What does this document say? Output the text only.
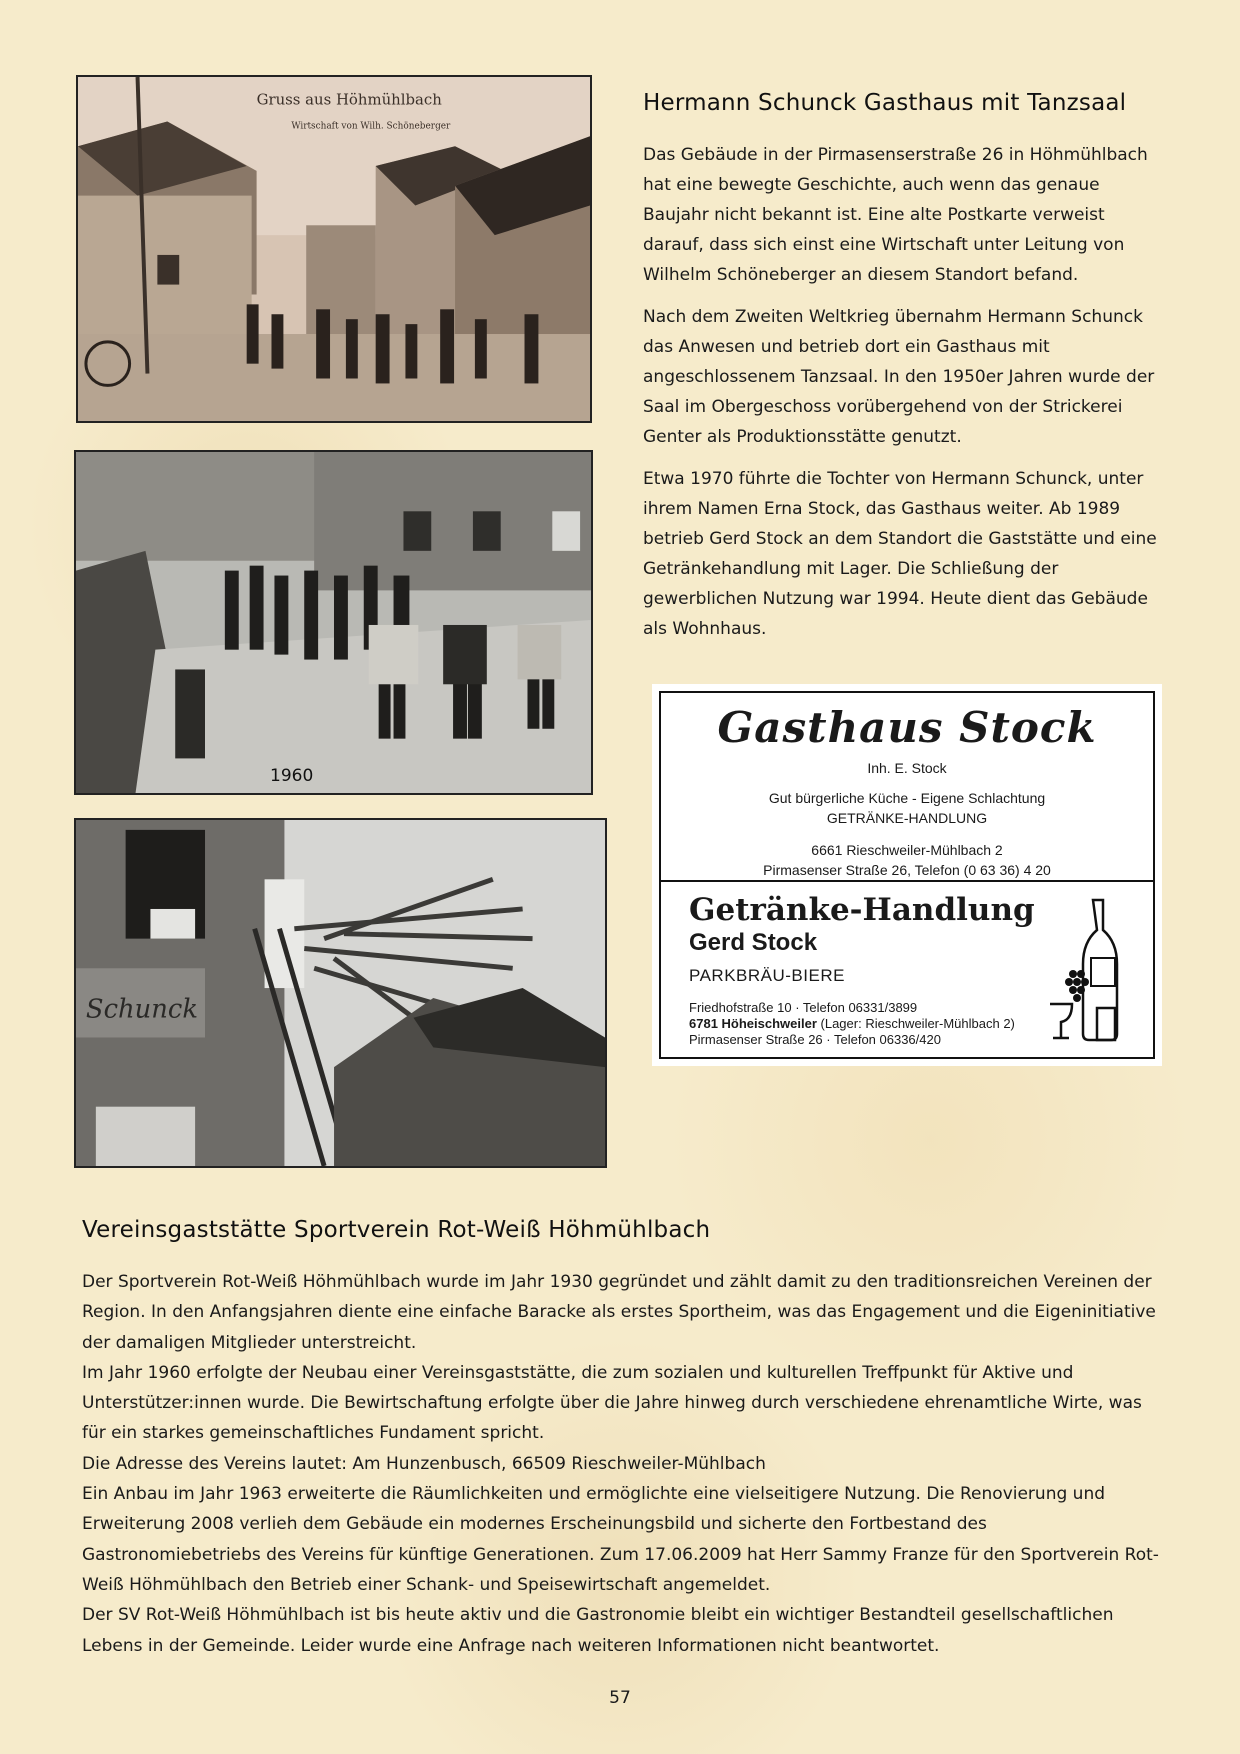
Gruss aus Höhmühlbach
Wirtschaft von Wilh. Schöneberger
1960
Schunck
Hermann Schunck Gasthaus mit Tanzsaal

Das Gebäude in der Pirmasenserstraße 26 in Höhmühlbach hat eine bewegte Geschichte, auch wenn das genaue Baujahr nicht bekannt ist. Eine alte Postkarte verweist darauf, dass sich einst eine Wirtschaft unter Leitung von Wilhelm Schöneberger an diesem Standort befand.

Nach dem Zweiten Weltkrieg übernahm Hermann Schunck das Anwesen und betrieb dort ein Gasthaus mit angeschlossenem Tanzsaal. In den 1950er Jahren wurde der Saal im Obergeschoss vorübergehend von der Strickerei Genter als Produktionsstätte genutzt.

Etwa 1970 führte die Tochter von Hermann Schunck, unter ihrem Namen Erna Stock, das Gasthaus weiter. Ab 1989 betrieb Gerd Stock an dem Standort die Gaststätte und eine Getränkehandlung mit Lager. Die Schließung der gewerblichen Nutzung war 1994. Heute dient das Gebäude als Wohnhaus.

Gasthaus Stock
Inh. E. Stock
Gut bürgerliche Küche - Eigene Schlachtung
GETRÄNKE-HANDLUNG
6661 Rieschweiler-Mühlbach 2
Pirmasenser Straße 26, Telefon (0 63 36) 4 20
Getränke-Handlung
Gerd Stock
PARKBRÄU-BIERE
Friedhofstraße 10 · Telefon 06331/3899
6781 Höheischweiler (Lager: Rieschweiler-Mühlbach 2)
Pirmasenser Straße 26 · Telefon 06336/420
Vereinsgaststätte Sportverein Rot-Weiß Höhmühlbach

Der Sportverein Rot-Weiß Höhmühlbach wurde im Jahr 1930 gegründet und zählt damit zu den traditionsreichen Vereinen der Region. In den Anfangsjahren diente eine einfache Baracke als erstes Sportheim, was das Engagement und die Eigeninitiative der damaligen Mitglieder unterstreicht.

Im Jahr 1960 erfolgte der Neubau einer Vereinsgaststätte, die zum sozialen und kulturellen Treffpunkt für Aktive und Unterstützer:innen wurde. Die Bewirtschaftung erfolgte über die Jahre hinweg durch verschiedene ehrenamtliche Wirte, was für ein starkes gemeinschaftliches Fundament spricht.

Die Adresse des Vereins lautet: Am Hunzenbusch, 66509 Rieschweiler-Mühlbach

Ein Anbau im Jahr 1963 erweiterte die Räumlichkeiten und ermöglichte eine vielseitigere Nutzung. Die Renovierung und Erweiterung 2008 verlieh dem Gebäude ein modernes Erscheinungsbild und sicherte den Fortbestand des Gastronomiebetriebs des Vereins für künftige Generationen. Zum 17.06.2009 hat Herr Sammy Franze für den Sportverein Rot-Weiß Höhmühlbach den Betrieb einer Schank- und Speisewirtschaft angemeldet.

Der SV Rot-Weiß Höhmühlbach ist bis heute aktiv und die Gastronomie bleibt ein wichtiger Bestandteil gesellschaftlichen Lebens in der Gemeinde. Leider wurde eine Anfrage nach weiteren Informationen nicht beantwortet.

57
